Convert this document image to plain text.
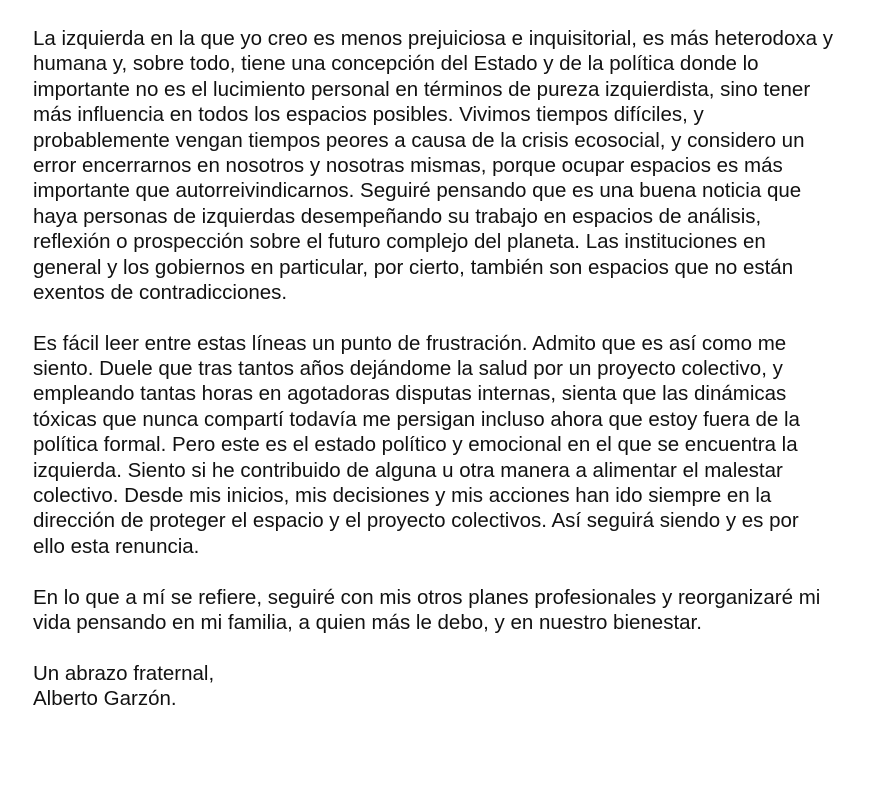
La izquierda en la que yo creo es menos prejuiciosa e inquisitorial, es más heterodoxa y
humana y, sobre todo, tiene una concepción del Estado y de la política donde lo
importante no es el lucimiento personal en términos de pureza izquierdista, sino tener
más influencia en todos los espacios posibles. Vivimos tiempos difíciles, y
probablemente vengan tiempos peores a causa de la crisis ecosocial, y considero un
error encerrarnos en nosotros y nosotras mismas, porque ocupar espacios es más
importante que autorreivindicarnos. Seguiré pensando que es una buena noticia que
haya personas de izquierdas desempeñando su trabajo en espacios de análisis,
reflexión o prospección sobre el futuro complejo del planeta. Las instituciones en
general y los gobiernos en particular, por cierto, también son espacios que no están
exentos de contradicciones.
Es fácil leer entre estas líneas un punto de frustración. Admito que es así como me
siento. Duele que tras tantos años dejándome la salud por un proyecto colectivo, y
empleando tantas horas en agotadoras disputas internas, sienta que las dinámicas
tóxicas que nunca compartí todavía me persigan incluso ahora que estoy fuera de la
política formal. Pero este es el estado político y emocional en el que se encuentra la
izquierda. Siento si he contribuido de alguna u otra manera a alimentar el malestar
colectivo. Desde mis inicios, mis decisiones y mis acciones han ido siempre en la
dirección de proteger el espacio y el proyecto colectivos. Así seguirá siendo y es por
ello esta renuncia.
En lo que a mí se refiere, seguiré con mis otros planes profesionales y reorganizaré mi
vida pensando en mi familia, a quien más le debo, y en nuestro bienestar.
Un abrazo fraternal,
Alberto Garzón.
